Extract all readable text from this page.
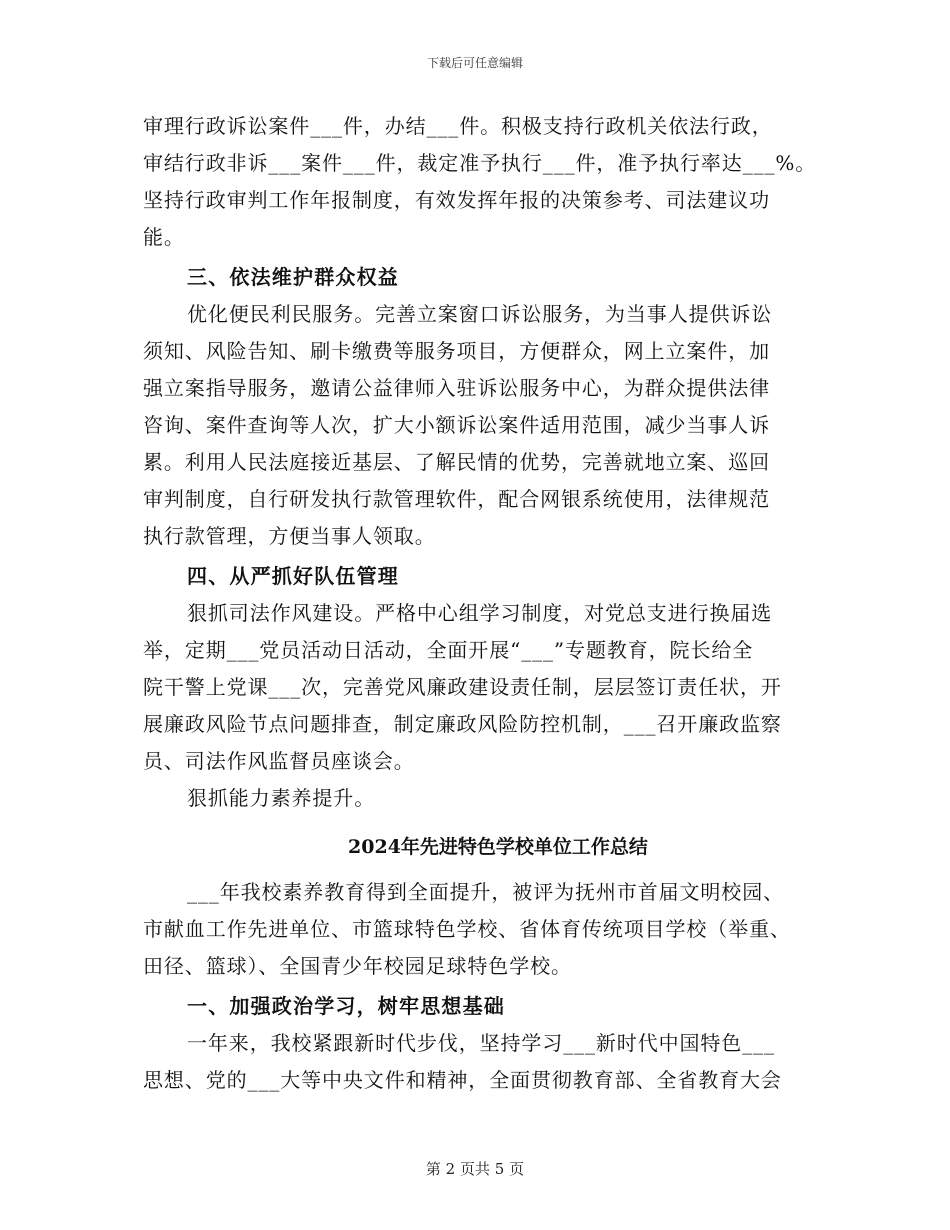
下载后可任意编辑

审理行政诉讼案件___件，办结___件。积极支持行政机关依法行政，

审结行政非诉___案件___件，裁定准予执行___件，准予执行率达___%。

坚持行政审判工作年报制度，有效发挥年报的决策参考、司法建议功

能。

三、依法维护群众权益

优化便民利民服务。完善立案窗口诉讼服务，为当事人提供诉讼

须知、风险告知、刷卡缴费等服务项目，方便群众，网上立案件，加

强立案指导服务，邀请公益律师入驻诉讼服务中心，为群众提供法律

咨询、案件查询等人次，扩大小额诉讼案件适用范围，减少当事人诉

累。利用人民法庭接近基层、了解民情的优势，完善就地立案、巡回

审判制度，自行研发执行款管理软件，配合网银系统使用，法律规范

执行款管理，方便当事人领取。

四、从严抓好队伍管理

狠抓司法作风建设。严格中心组学习制度，对党总支进行换届选

举，定期___党员活动日活动，全面开展“___”专题教育，院长给全

院干警上党课___次，完善党风廉政建设责任制，层层签订责任状，开

展廉政风险节点问题排查，制定廉政风险防控机制，___召开廉政监察

员、司法作风监督员座谈会。

狠抓能力素养提升。

2024年先进特色学校单位工作总结

___年我校素养教育得到全面提升，被评为抚州市首届文明校园、

市献血工作先进单位、市篮球特色学校、省体育传统项目学校（举重、

田径、篮球）、全国青少年校园足球特色学校。

一、加强政治学习，树牢思想基础

一年来，我校紧跟新时代步伐，坚持学习___新时代中国特色___

思想、党的___大等中央文件和精神，全面贯彻教育部、全省教育大会

第 2 页共 5 页
